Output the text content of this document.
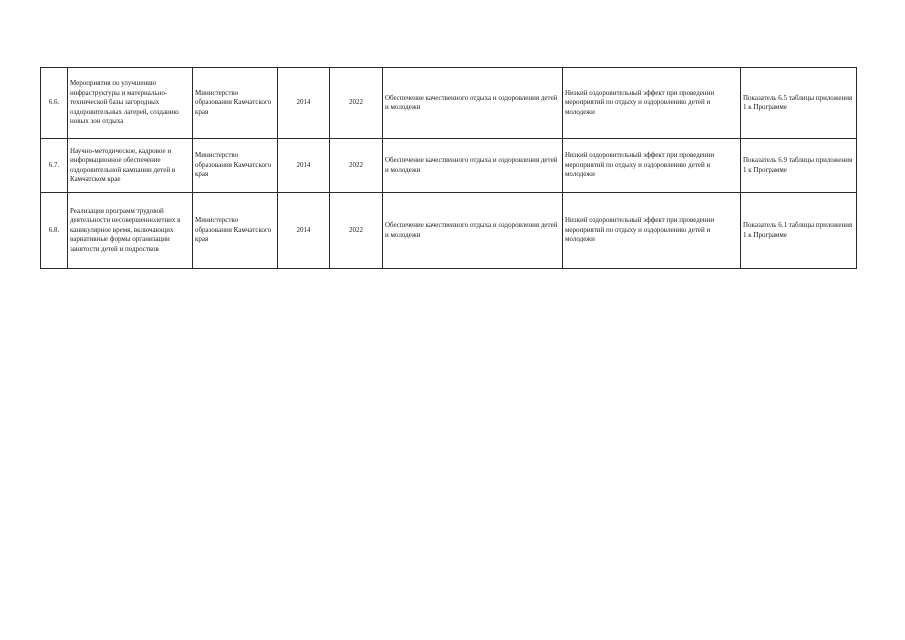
6.6.	Мероприятия по улучшению инфраструктуры и материально-технической базы загородных оздоровительных лагерей, созданию новых зон отдыха	Министерство образования Камчатского края	2014	2022	Обеспечение качественного отдыха и оздоровления детей и молодежи	Низкий оздоровительный эффект при проведении мероприятий по отдыху и оздоровлению детей и молодежи	Показатель 6.5 таблицы приложения 1 к Программе
6.7.	Научно-методическое, кадровое и информационное обеспечение оздоровительной кампании детей в Камчатском крае	Министерство образования Камчатского края	2014	2022	Обеспечение качественного отдыха и оздоровления детей и молодежи	Низкий оздоровительный эффект при проведении мероприятий по отдыху и оздоровлению детей и молодежи	Показатель 6.9 таблицы приложения 1 к Программе
6.8.	Реализация программ трудовой деятельности несовершеннолетних в каникулярное время, включающих вариативные формы организации занятости детей и подростков	Министерство образования Камчатского края	2014	2022	Обеспечение качественного отдыха и оздоровления детей и молодежи	Низкий оздоровительный эффект при проведении мероприятий по отдыху и оздоровлению детей и молодежи	Показатель 6.1 таблицы приложения 1 к Программе
